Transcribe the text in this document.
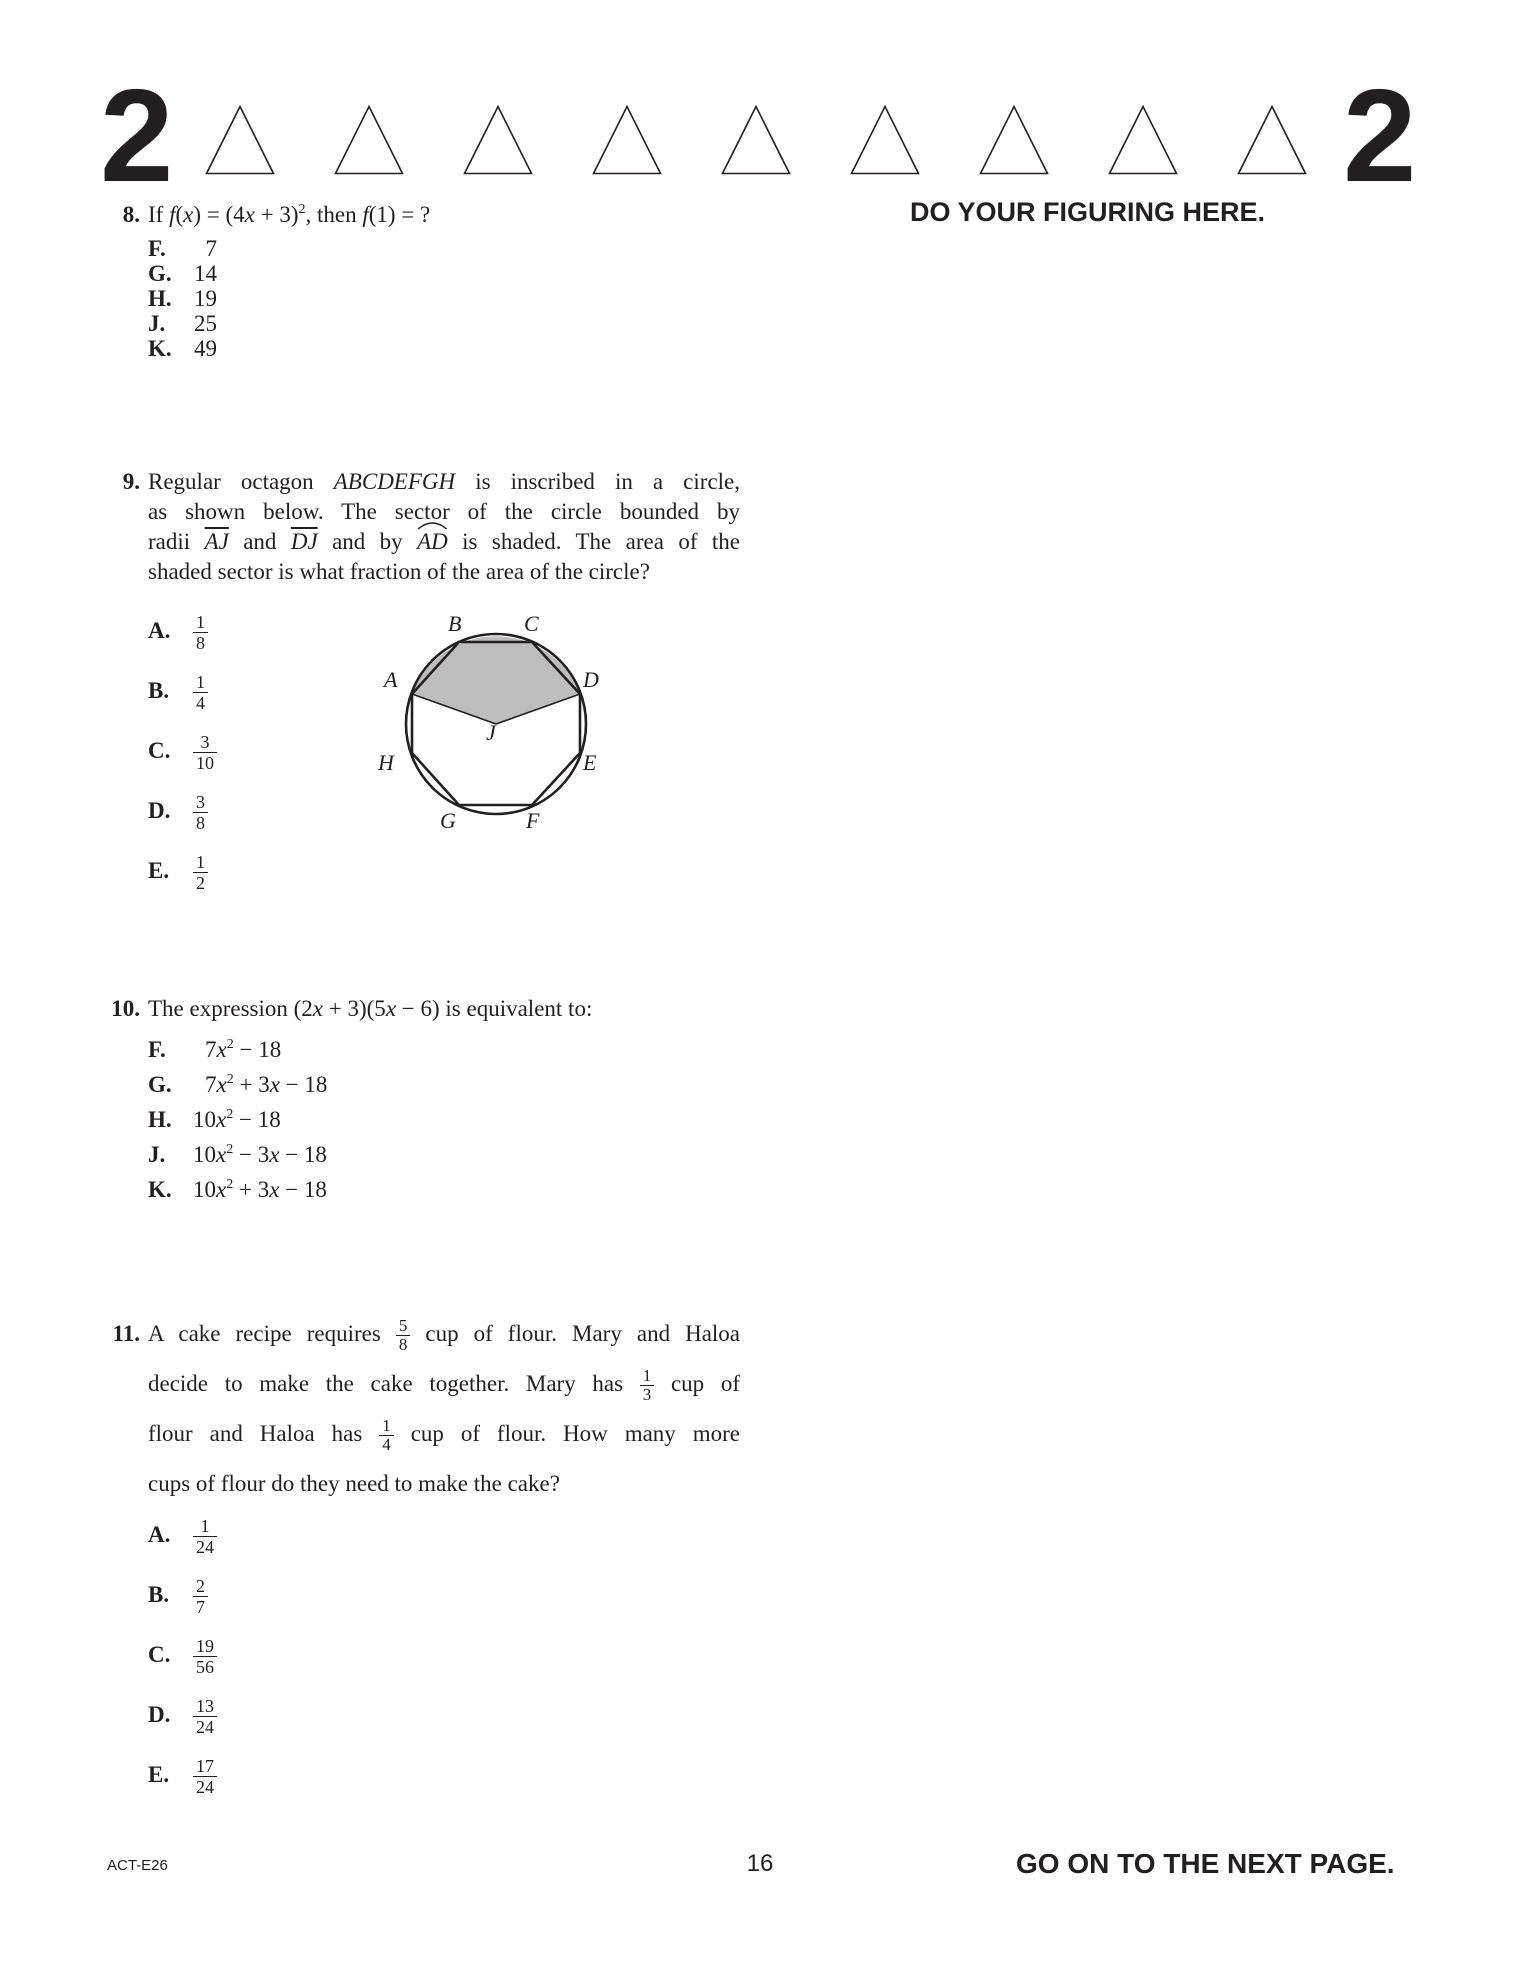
2	2
DO YOUR FIGURING HERE.
8. If $f(x) = (4x + 3)^2$, then f(1) = ?
F. 7
G. 14
H. 19
J. 25
K. 49
9. Regular octagon ABCDEFGH is inscribed in a circle,
as shown below. The sector of the circle bounded by
radii $\overline{AJ}$ and $\overline{DJ}$ and by
AD is shaded. The area of the
shaded sector is what fraction of the area of the circle?
A. $\frac{1}{8}$
B. $\frac{1}{4}$
C. $\frac{3}{10}$
D. $\frac{3}{8}$
E. $\frac{1}{2}$
B	C
A	D
J
H	E
G	F
10. The expression (2x + 3)(5x − 6) is equivalent to:
F. $7x^2 - 18$
G. $7x^2 + 3x - 18$
H. $10x^2 - 18$
J. $10x^2 - 3x - 18$
K. $10x^2 + 3x - 18$
11. A cake recipe requires $\frac{5}{8}$ cup of flour. Mary and Haloa
decide to make the cake together. Mary has $\frac{1}{3}$ cup of
flour and Haloa has $\frac{1}{4}$ cup of flour. How many more
cups of flour do they need to make the cake?
A. $\frac{1}{24}$
B. $\frac{2}{7}$
C. $\frac{19}{56}$
D. $\frac{13}{24}$
E. $\frac{17}{24}$
ACT-E26	16	GO ON TO THE NEXT PAGE.
